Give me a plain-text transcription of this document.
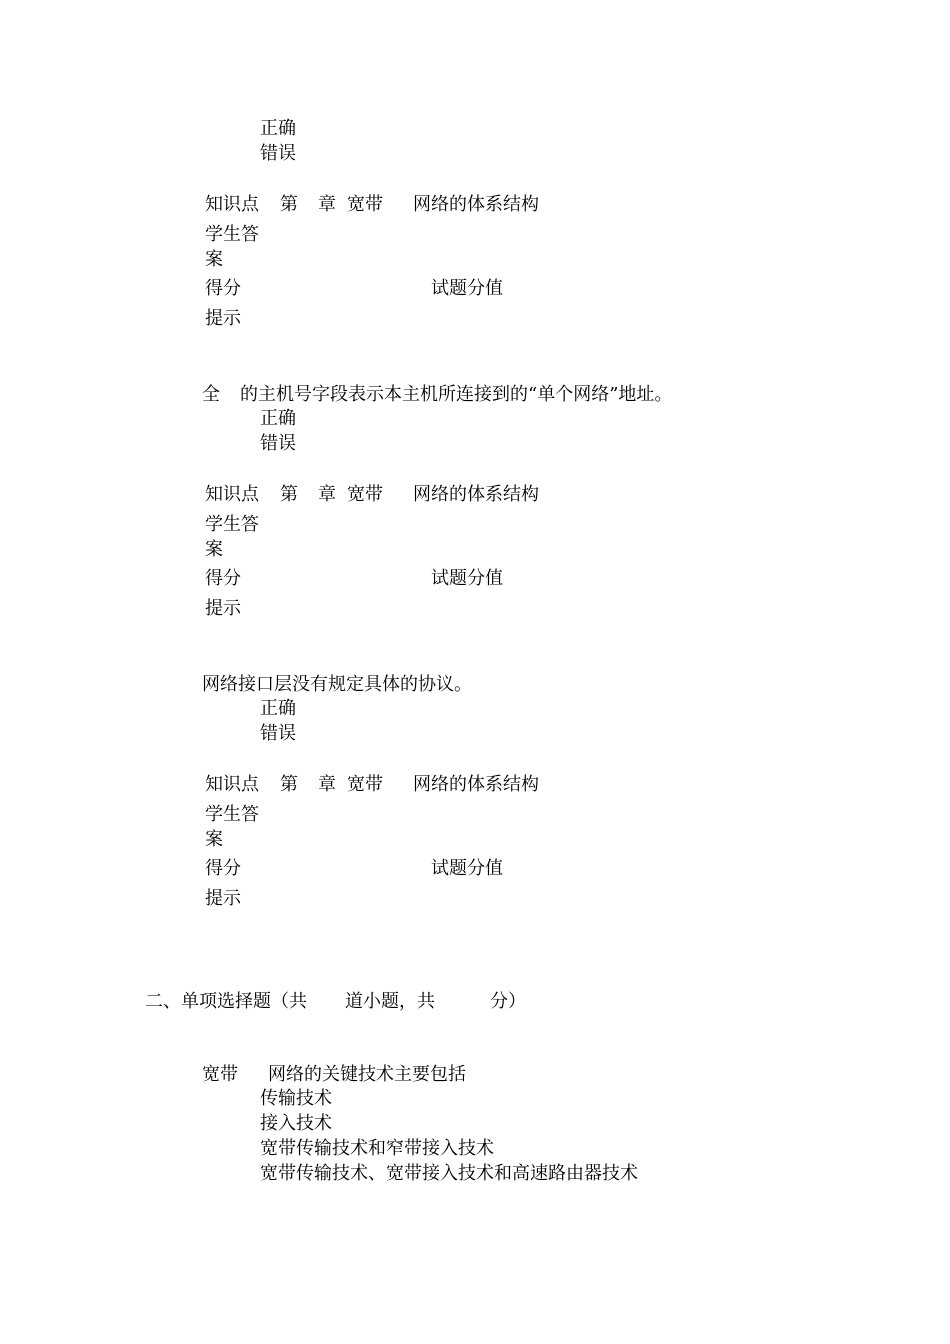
正确
错误
知识点 第 章 宽带 网络的体系结构
学生答
案
得分	试题分值
提示
全 的主机号字段表示本主机所连接到的“单个网络”地址。
正确
错误
知识点 第 章 宽带 网络的体系结构
学生答
案
得分	试题分值
提示
网络接口层没有规定具体的协议。
正确
错误
知识点 第 章 宽带 网络的体系结构
学生答
案
得分	试题分值
提示
二、单项选择题（共 道小题，共	分）
宽带 网络的关键技术主要包括
传输技术
接入技术
宽带传输技术和窄带接入技术
宽带传输技术、宽带接入技术和高速路由器技术
